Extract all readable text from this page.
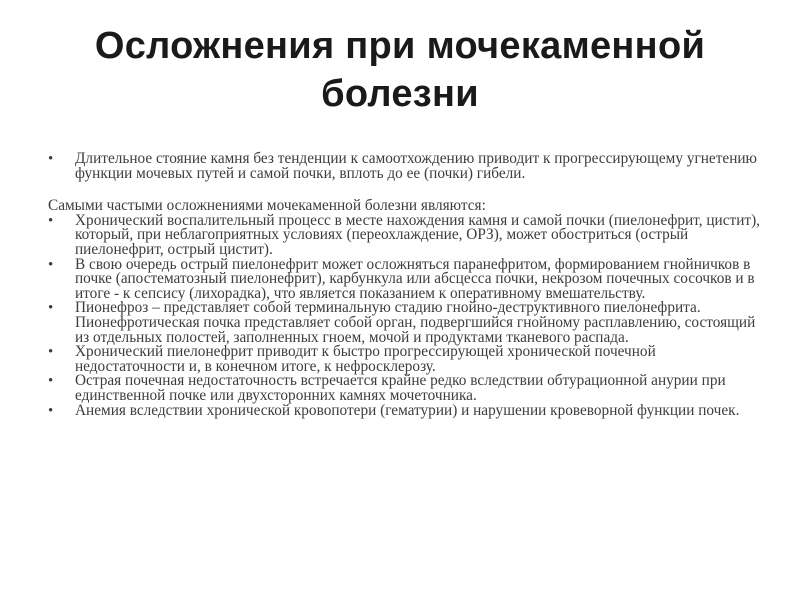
Осложнения при мочекаменной
болезни
•	Длительное стояние камня без тенденции к самоотхождению приводит к прогрессирующему угнетению функции мочевых путей и самой почки, вплоть до ее (почки) гибели.
Самыми частыми осложнениями мочекаменной болезни являются:
•	Хронический воспалительный процесс в месте нахождения камня и самой почки (пиелонефрит, цистит), который, при неблагоприятных условиях (переохлаждение, ОРЗ), может обостриться (острый пиелонефрит, острый цистит).
•	В свою очередь острый пиелонефрит может осложняться паранефритом, формированием гнойничков в почке (апостематозный пиелонефрит), карбункула или абсцесса почки, некрозом почечных сосочков и в итоге - к сепсису (лихорадка), что является показанием к оперативному вмешательству.
•	Пионефроз – представляет собой терминальную стадию гнойно-деструктивного пиелонефрита. Пионефротическая почка представляет собой орган, подвергшийся гнойному расплавлению, состоящий из отдельных полостей, заполненных гноем, мочой и продуктами тканевого распада.
•	Хронический пиелонефрит приводит к быстро прогрессирующей хронической почечной недостаточности и, в конечном итоге, к нефросклерозу.
•	Острая почечная недостаточность встречается крайне редко вследствии обтурационной анурии при единственной почке или двухсторонних камнях мочеточника.
•	Анемия вследствии хронической кровопотери (гематурии) и нарушении кровеворной функции почек.
